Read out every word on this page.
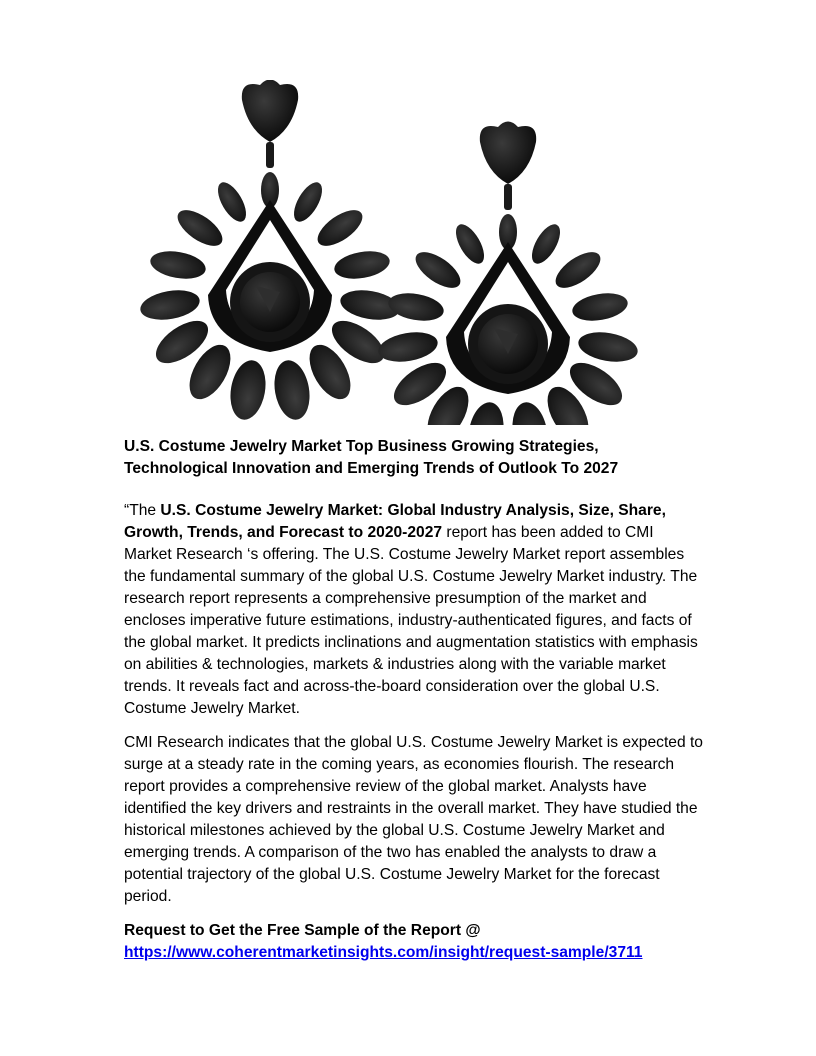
U.S. Costume Jewelry Market Top Business Growing Strategies, Technological Innovation and Emerging Trends of Outlook To 2027

“The U.S. Costume Jewelry Market: Global Industry Analysis, Size, Share, Growth, Trends, and Forecast to 2020-2027 report has been added to CMI Market Research ‘s offering. The U.S. Costume Jewelry Market report assembles the fundamental summary of the global U.S. Costume Jewelry Market industry. The research report represents a comprehensive presumption of the market and encloses imperative future estimations, industry-authenticated figures, and facts of the global market. It predicts inclinations and augmentation statistics with emphasis on abilities & technologies, markets & industries along with the variable market trends. It reveals fact and across-the-board consideration over the global U.S. Costume Jewelry Market.

CMI Research indicates that the global U.S. Costume Jewelry Market is expected to surge at a steady rate in the coming years, as economies flourish. The research report provides a comprehensive review of the global market. Analysts have identified the key drivers and restraints in the overall market. They have studied the historical milestones achieved by the global U.S. Costume Jewelry Market and emerging trends. A comparison of the two has enabled the analysts to draw a potential trajectory of the global U.S. Costume Jewelry Market for the forecast period.

Request to Get the Free Sample of the Report @
https://www.coherentmarketinsights.com/insight/request-sample/3711
